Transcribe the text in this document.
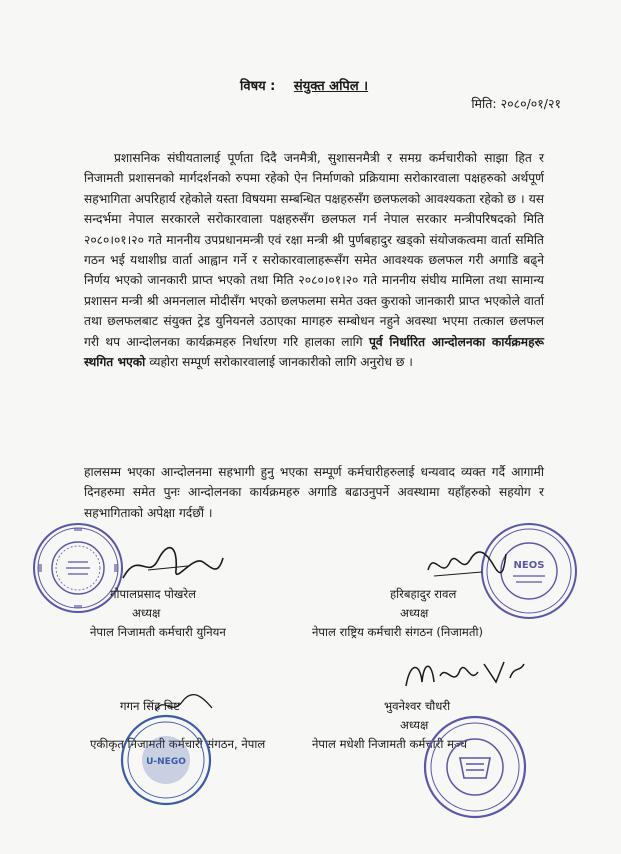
विषय : संयुक्त अपिल ।
मिति: २०८०/०१/२१

प्रशासनिक संघीयतालाई पूर्णता दिदै जनमैत्री, सुशासनमैत्री र समग्र कर्मचारीको साझा हित र निजामती प्रशासनको मार्गदर्शनको रुपमा रहेको ऐन निर्माणको प्रक्रियामा सरोकारवाला पक्षहरुको अर्थपूर्ण सहभागिता अपरिहार्य रहेकोले यस्ता विषयमा सम्बन्धित पक्षहरुसँग छलफलको आवश्यकता रहेको छ । यस सन्दर्भमा नेपाल सरकारले सरोकारवाला पक्षहरुसँग छलफल गर्न नेपाल सरकार मन्त्रीपरिषदको मिति २०८०।०१।२० गते माननीय उपप्रधानमन्त्री एवं रक्षा मन्त्री श्री पुर्णबहादुर खड्को संयोजकत्वमा वार्ता समिति गठन भई यथाशीघ्र वार्ता आह्वान गर्ने र सरोकारवालाहरूसँग समेत आवश्यक छलफल गरी अगाडि बढ्ने निर्णय भएको जानकारी प्राप्त भएको तथा मिति २०८०।०१।२० गते माननीय संघीय मामिला तथा सामान्य प्रशासन मन्त्री श्री अमनलाल मोदीसँग भएको छलफलमा समेत उक्त कुराको जानकारी प्राप्त भएकोले वार्ता तथा छलफलबाट संयुक्त ट्रेड युनियनले उठाएका मागहरु सम्बोधन नहुने अवस्था भएमा तत्काल छलफल गरी थप आन्दोलनका कार्यक्रमहरु निर्धारण गरि हालका लागि पूर्व निर्धारित आन्दोलनका कार्यक्रमहरू स्थगित भएको व्यहोरा सम्पूर्ण सरोकारवालाई जानकारीको लागि अनुरोध छ ।

हालसम्म भएका आन्दोलनमा सहभागी हुनु भएका सम्पूर्ण कर्मचारीहरुलाई धन्यवाद व्यक्त गर्दै आगामी दिनहरुमा समेत पुनः आन्दोलनका कार्यक्रमहरु अगाडि बढाउनुपर्ने अवस्थामा यहाँहरुको सहयोग र सहभागिताको अपेक्षा गर्दछौं ।

NEOS
गोपालप्रसाद पोखरेल
अध्यक्ष
नेपाल निजामती कर्मचारी युनियन
हरिबहादुर रावल
अध्यक्ष
नेपाल राष्ट्रिय कर्मचारी संगठन (निजामती)
गगन सिंह विष्ट
एकीकृत निजामती कर्मचारी संगठन, नेपाल
भुवनेश्वर चौधरी
अध्यक्ष
नेपाल मधेशी निजामती कर्मचारी मञ्च
U-NEGO
